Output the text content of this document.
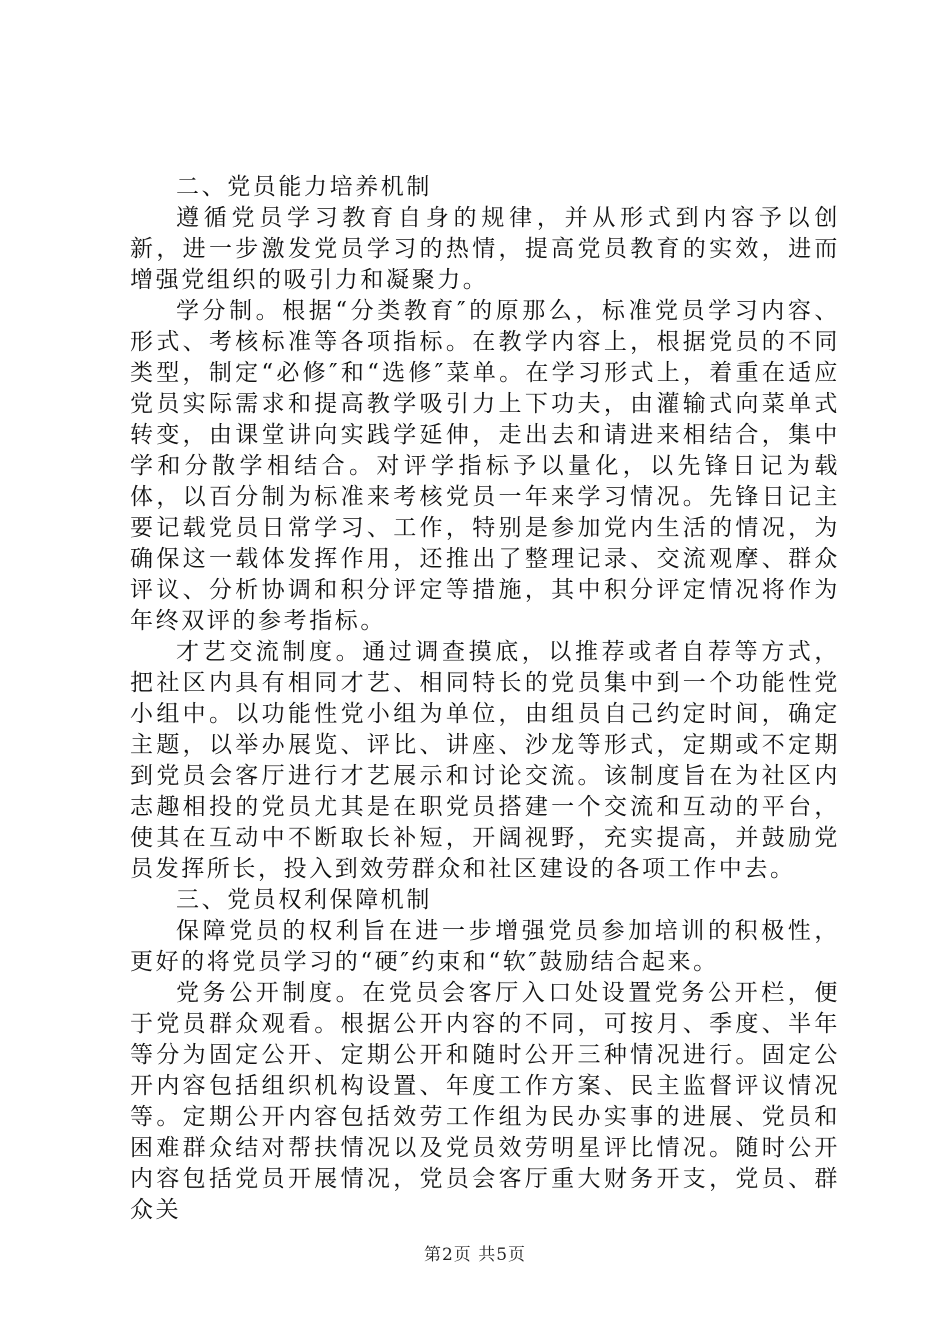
二、党员能力培养机制

遵循党员学习教育自身的规律，并从形式到内容予以创新，进一步激发党员学习的热情，提高党员教育的实效，进而增强党组织的吸引力和凝聚力。

学分制。根据“分类教育″的原那么，标准党员学习内容、形式、考核标准等各项指标。在教学内容上，根据党员的不同类型，制定“必修″和“选修″菜单。在学习形式上，着重在适应党员实际需求和提高教学吸引力上下功夫，由灌输式向菜单式转变，由课堂讲向实践学延伸，走出去和请进来相结合，集中学和分散学相结合。对评学指标予以量化，以先锋日记为载体，以百分制为标准来考核党员一年来学习情况。先锋日记主要记载党员日常学习、工作，特别是参加党内生活的情况，为确保这一载体发挥作用，还推出了整理记录、交流观摩、群众评议、分析协调和积分评定等措施，其中积分评定情况将作为年终双评的参考指标。

才艺交流制度。通过调查摸底，以推荐或者自荐等方式，把社区内具有相同才艺、相同特长的党员集中到一个功能性党小组中。以功能性党小组为单位，由组员自己约定时间，确定主题，以举办展览、评比、讲座、沙龙等形式，定期或不定期到党员会客厅进行才艺展示和讨论交流。该制度旨在为社区内志趣相投的党员尤其是在职党员搭建一个交流和互动的平台，使其在互动中不断取长补短，开阔视野，充实提高，并鼓励党员发挥所长，投入到效劳群众和社区建设的各项工作中去。

三、党员权利保障机制

保障党员的权利旨在进一步增强党员参加培训的积极性，更好的将党员学习的“硬″约束和“软″鼓励结合起来。

党务公开制度。在党员会客厅入口处设置党务公开栏，便于党员群众观看。根据公开内容的不同，可按月、季度、半年等分为固定公开、定期公开和随时公开三种情况进行。固定公开内容包括组织机构设置、年度工作方案、民主监督评议情况等。定期公开内容包括效劳工作组为民办实事的进展、党员和困难群众结对帮扶情况以及党员效劳明星评比情况。随时公开内容包括党员开展情况，党员会客厅重大财务开支，党员、群众关

第2页 共5页
